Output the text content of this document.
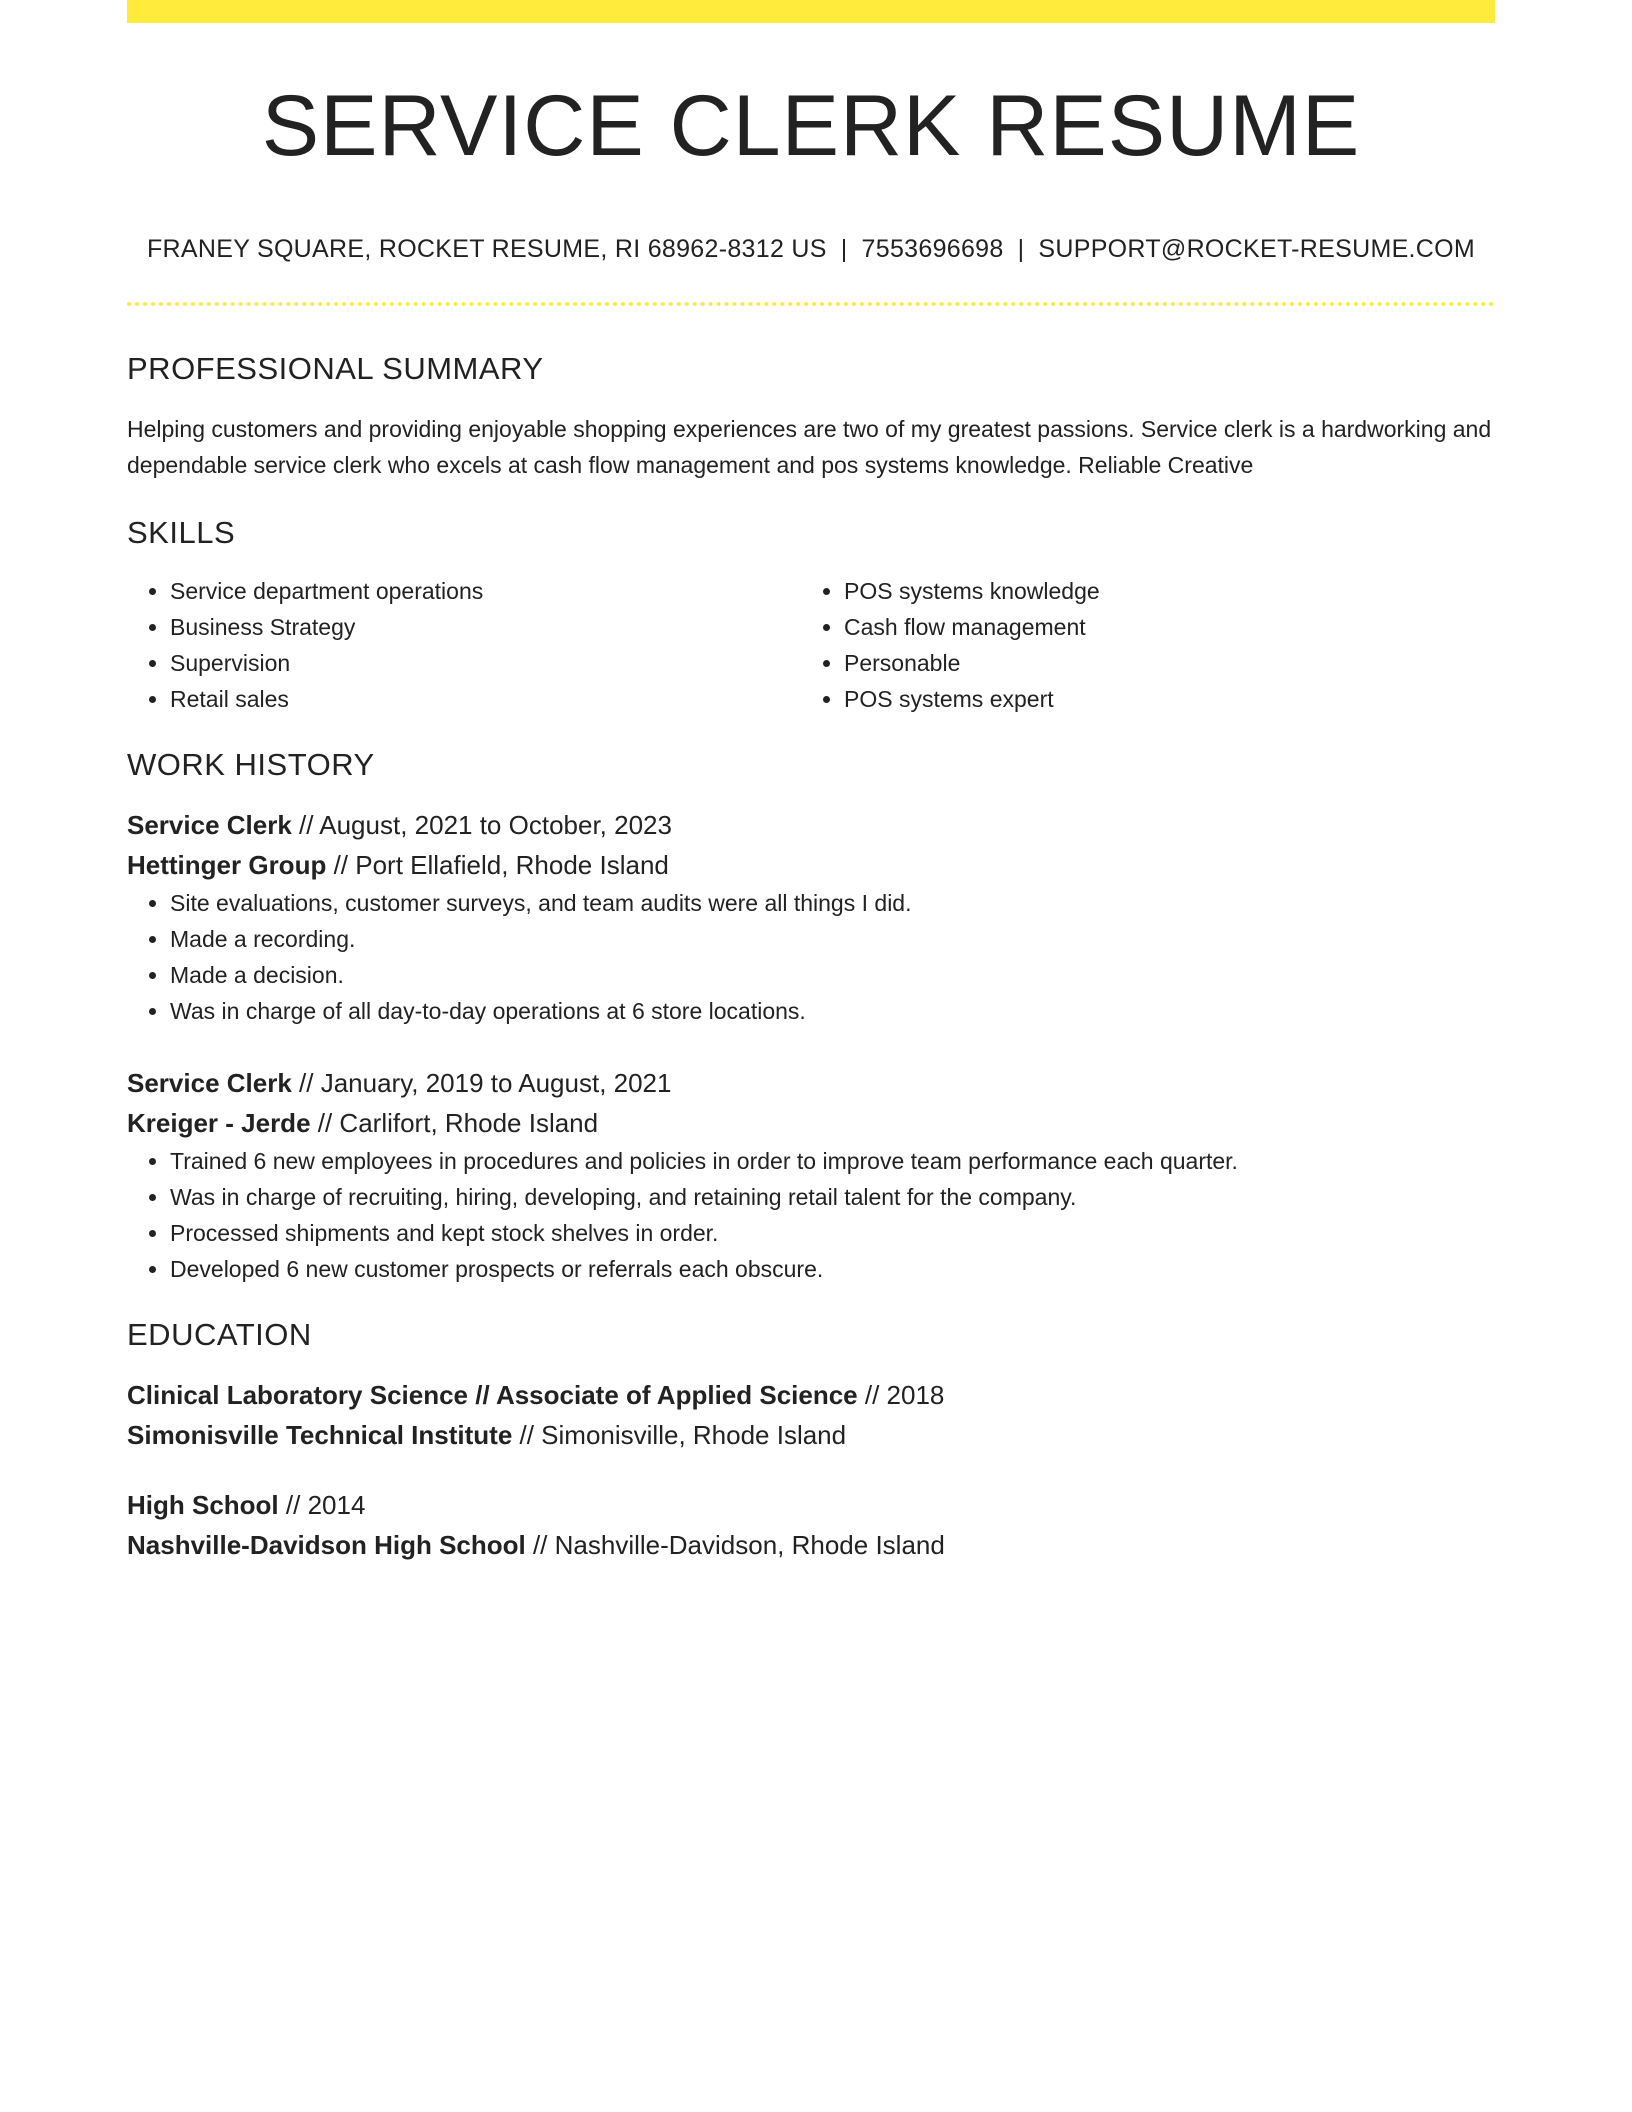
SERVICE CLERK RESUME
FRANEY SQUARE, ROCKET RESUME, RI 68962-8312 US | 7553696698 | SUPPORT@ROCKET-RESUME.COM
PROFESSIONAL SUMMARY
Helping customers and providing enjoyable shopping experiences are two of my greatest passions. Service clerk is a hardworking and dependable service clerk who excels at cash flow management and pos systems knowledge. Reliable Creative
SKILLS
• Service department operations
• Business Strategy
• Supervision
• Retail sales
• POS systems knowledge
• Cash flow management
• Personable
• POS systems expert
WORK HISTORY
Service Clerk // August, 2021 to October, 2023
Hettinger Group // Port Ellafield, Rhode Island
• Site evaluations, customer surveys, and team audits were all things I did.
• Made a recording.
• Made a decision.
• Was in charge of all day-to-day operations at 6 store locations.
Service Clerk // January, 2019 to August, 2021
Kreiger - Jerde // Carlifort, Rhode Island
• Trained 6 new employees in procedures and policies in order to improve team performance each quarter.
• Was in charge of recruiting, hiring, developing, and retaining retail talent for the company.
• Processed shipments and kept stock shelves in order.
• Developed 6 new customer prospects or referrals each obscure.
EDUCATION
Clinical Laboratory Science // Associate of Applied Science // 2018
Simonisville Technical Institute // Simonisville, Rhode Island
High School // 2014
Nashville-Davidson High School // Nashville-Davidson, Rhode Island
